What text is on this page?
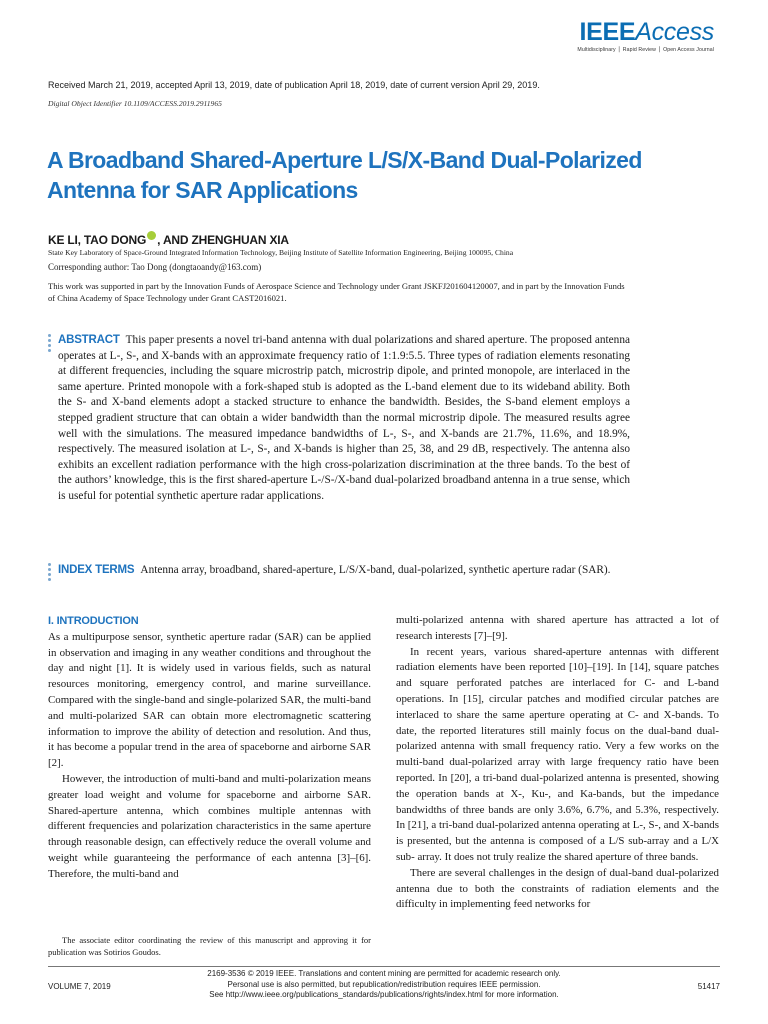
IEEEAccess
Multidisciplinary ⎪ Rapid Review ⎪ Open Access Journal
Received March 21, 2019, accepted April 13, 2019, date of publication April 18, 2019, date of current version April 29, 2019.
Digital Object Identifier 10.1109/ACCESS.2019.2911965
A Broadband Shared-Aperture L/S/X-Band Dual-Polarized Antenna for SAR Applications
KE LI, TAO DONG , AND ZHENGHUAN XIA
State Key Laboratory of Space-Ground Integrated Information Technology, Beijing Institute of Satellite Information Engineering, Beijing 100095, China
Corresponding author: Tao Dong (dongtaoandy@163.com)
This work was supported in part by the Innovation Funds of Aerospace Science and Technology under Grant JSKFJ201604120007, and in part by the Innovation Funds of China Academy of Space Technology under Grant CAST2016021.
ABSTRACT This paper presents a novel tri-band antenna with dual polarizations and shared aperture. The proposed antenna operates at L-, S-, and X-bands with an approximate frequency ratio of 1:1.9:5.5. Three types of radiation elements resonating at different frequencies, including the square microstrip patch, microstrip dipole, and printed monopole, are interlaced in the same aperture. Printed monopole with a fork-shaped stub is adopted as the L-band element due to its wideband ability. Both the S- and X-band elements adopt a stacked structure to enhance the bandwidth. Besides, the S-band element employs a stepped gradient structure that can obtain a wider bandwidth than the normal microstrip dipole. The measured results agree well with the simulations. The measured impedance bandwidths of L-, S-, and X-bands are 21.7%, 11.6%, and 18.9%, respectively. The measured isolation at L-, S-, and X-bands is higher than 25, 38, and 29 dB, respectively. The antenna also exhibits an excellent radiation performance with the high cross-polarization discrimination at the three bands. To the best of the authors’ knowledge, this is the first shared-aperture L-/S-/X-band dual-polarized broadband antenna in a true sense, which is useful for potential synthetic aperture radar applications.
INDEX TERMS Antenna array, broadband, shared-aperture, L/S/X-band, dual-polarized, synthetic aperture radar (SAR).
I. INTRODUCTION

As a multipurpose sensor, synthetic aperture radar (SAR) can be applied in observation and imaging in any weather conditions and throughout the day and night [1]. It is widely used in various fields, such as natural resources monitoring, emergency control, and marine surveillance. Compared with the single-band and single-polarized SAR, the multi-band and multi-polarized SAR can obtain more electromagnetic scattering information to improve the ability of detection and resolution. And thus, it has become a popular trend in the area of spaceborne and airborne SAR [2].

However, the introduction of multi-band and multi-polarization means greater load weight and volume for spaceborne and airborne SAR. Shared-aperture antenna, which combines multiple antennas with different frequencies and polarization characteristics in the same aperture through reasonable design, can effectively reduce the overall volume and weight while guaranteeing the performance of each antenna [3]–[6]. Therefore, the multi-band and

multi-polarized antenna with shared aperture has attracted a lot of research interests [7]–[9].

In recent years, various shared-aperture antennas with different radiation elements have been reported [10]–[19]. In [14], square patches and square perforated patches are interlaced for C- and L-band operations. In [15], circular patches and modified circular patches are interlaced to share the same aperture operating at C- and X-bands. To date, the reported literatures still mainly focus on the dual-band dual-polarized antenna with small frequency ratio. Very a few works on the multi-band dual-polarized array with large frequency ratio have been reported. In [20], a tri-band dual-polarized antenna is presented, showing the operation bands at X-, Ku-, and Ka-bands, but the impedance bandwidths of three bands are only 3.6%, 6.7%, and 5.3%, respectively. In [21], a tri-band dual-polarized antenna operating at L-, S-, and X-bands is presented, but the antenna is composed of a L/S sub-array and a L/X sub- array. It does not truly realize the shared aperture of three bands.

There are several challenges in the design of dual-band dual-polarized antenna due to both the constraints of radiation elements and the difficulty in implementing feed networks for

The associate editor coordinating the review of this manuscript and approving it for publication was Sotirios Goudos.
VOLUME 7, 2019
2169-3536 © 2019 IEEE. Translations and content mining are permitted for academic research only.
Personal use is also permitted, but republication/redistribution requires IEEE permission.
See http://www.ieee.org/publications_standards/publications/rights/index.html for more information.
51417
